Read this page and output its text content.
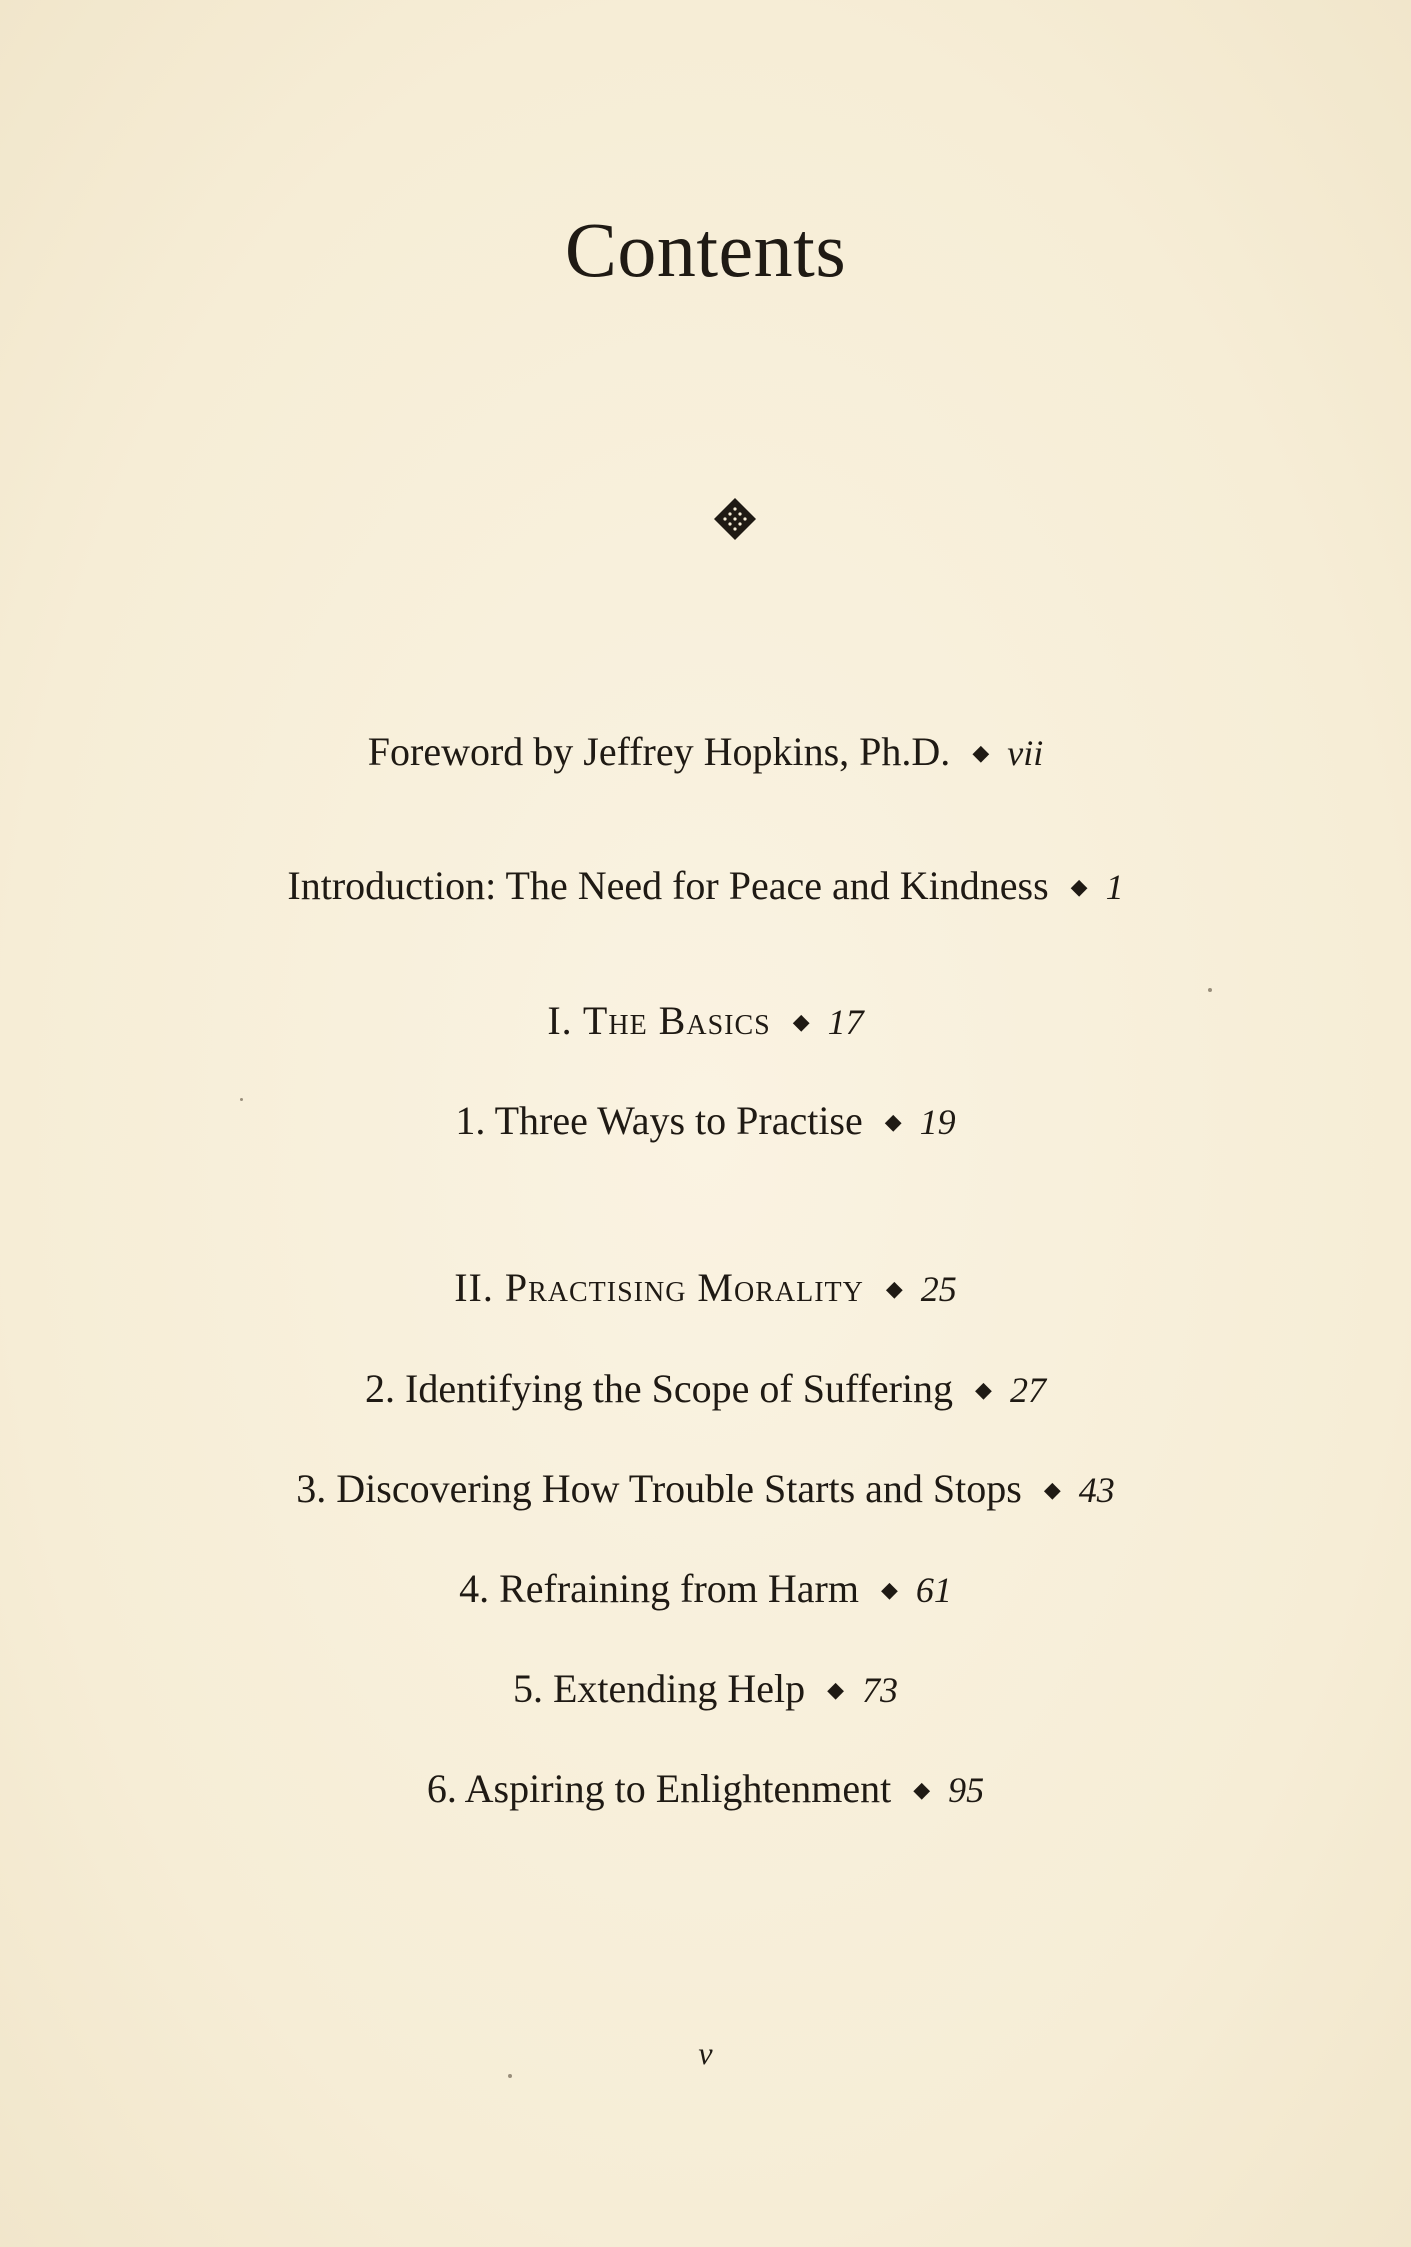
Contents
Foreword by Jeffrey Hopkins, Ph.D. ◆ vii
Introduction: The Need for Peace and Kindness ◆ 1
I. The Basics ◆ 17
1. Three Ways to Practise ◆ 19
II. Practising Morality ◆ 25
2. Identifying the Scope of Suffering ◆ 27
3. Discovering How Trouble Starts and Stops ◆ 43
4. Refraining from Harm ◆ 61
5. Extending Help ◆ 73
6. Aspiring to Enlightenment ◆ 95
v
